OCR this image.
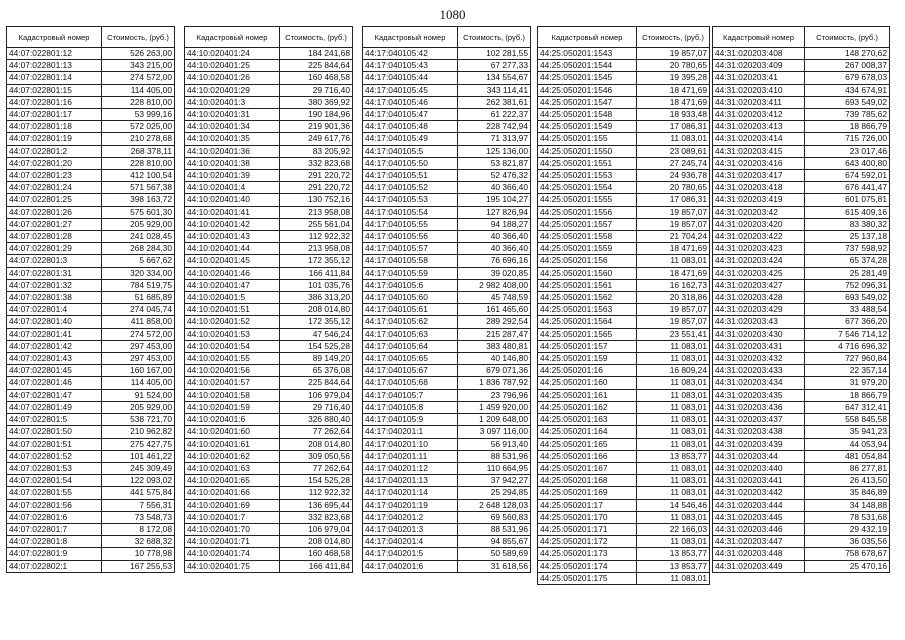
1080
Кадастровый номер	Стоимость, (руб.)
44:07:022801:12	526 263,00
44:07:022801:13	343 215,00
44:07:022801:14	274 572,00
44:07:022801:15	114 405,00
44:07:022801:16	228 810,00
44:07:022801:17	53 999,16
44:07:022801:18	572 025,00
44:07:022801:19	210 278,68
44:07:022801:2	268 378,11
44:07:022801:20	228 810,00
44:07:022801:23	412 100,54
44:07:022801:24	571 567,38
44:07:022801:25	398 163,72
44:07:022801:26	575 601,30
44:07:022801:27	205 929,00
44:07:022801:28	241 028,45
44:07:022801:29	268 284,30
44:07:022801:3	5 667,62
44:07:022801:31	320 334,00
44:07:022801:32	784 519,75
44:07:022801:38	51 685,89
44:07:022801:4	274 045,74
44:07:022801:40	411 858,00
44:07:022801:41	274 572,00
44:07:022801:42	297 453,00
44:07:022801:43	297 453,00
44:07:022801:45	160 167,00
44:07:022801:46	114 405,00
44:07:022801:47	91 524,00
44:07:022801:49	205 929,00
44:07:022801:5	538 721,70
44:07:022801:50	210 962,82
44:07:022801:51	275 427,75
44:07:022801:52	101 461,22
44:07:022801:53	245 309,49
44:07:022801:54	122 093,02
44:07:022801:55	441 575,84
44:07:022801:56	7 556,31
44:07:022801:6	73 548,73
44:07:022801:7	8 172,08
44:07:022801:8	32 688,32
44:07:022801:9	10 778,98
44:07:022802:1	167 255,53
Кадастровый номер	Стоимость, (руб.)
44:10:020401:24	184 241,68
44:10:020401:25	225 844,64
44:10:020401:26	160 468,58
44:10:020401:29	29 716,40
44:10:020401:3	380 369,92
44:10:020401:31	190 184,96
44:10:020401:34	219 901,36
44:10:020401:35	249 617,76
44:10:020401:36	83 205,92
44:10:020401:38	332 823,68
44:10:020401:39	291 220,72
44:10:020401:4	291 220,72
44:10:020401:40	130 752,16
44:10:020401:41	213 958,08
44:10:020401:42	255 561,04
44:10:020401:43	112 922,32
44:10:020401:44	213 958,08
44:10:020401:45	172 355,12
44:10:020401:46	166 411,84
44:10:020401:47	101 035,76
44:10:020401:5	386 313,20
44:10:020401:51	208 014,80
44:10:020401:52	172 355,12
44:10:020401:53	47 546,24
44:10:020401:54	154 525,28
44:10:020401:55	89 149,20
44:10:020401:56	65 376,08
44:10:020401:57	225 844,64
44:10:020401:58	106 979,04
44:10:020401:59	29 716,40
44:10:020401:6	326 880,40
44:10:020401:60	77 262,64
44:10:020401:61	208 014,80
44:10:020401:62	309 050,56
44:10:020401:63	77 262,64
44:10:020401:65	154 525,28
44:10:020401:66	112 922,32
44:10:020401:69	136 695,44
44:10:020401:7	332 823,68
44:10:020401:70	106 979,04
44:10:020401:71	208 014,80
44:10:020401:74	160 468,58
44:10:020401:75	166 411,84
Кадастровый номер	Стоимость, (руб.)
44:17:040105:42	102 281,55
44:17:040105:43	67 277,33
44:17:040105:44	134 554,67
44:17:040105:45	343 114,41
44:17:040105:46	262 381,61
44:17:040105:47	61 222,37
44:17:040105:48	228 742,94
44:17:040105:49	71 313,97
44:17:040105:5	125 136,00
44:17:040105:50	53 821,87
44:17:040105:51	52 476,32
44:17:040105:52	40 366,40
44:17:040105:53	195 104,27
44:17:040105:54	127 826,94
44:17:040105:55	94 188,27
44:17:040105:56	40 366,40
44:17:040105:57	40 366,40
44:17:040105:58	76 696,16
44:17:040105:59	39 020,85
44:17:040105:6	2 982 408,00
44:17:040105:60	45 748,59
44:17:040105:61	161 465,60
44:17:040105:62	289 292,54
44:17:040105:63	215 287,47
44:17:040105:64	383 480,81
44:17:040105:65	40 146,80
44:17:040105:67	679 071,36
44:17:040105:68	1 836 787,92
44:17:040105:7	23 796,96
44:17:040105:8	1 459 920,00
44:17:040105:9	1 209 648,00
44:17:040201:1	3 097 116,00
44:17:040201:10	56 913,40
44:17:040201:11	88 531,96
44:17:040201:12	110 664,95
44:17:040201:13	37 942,27
44:17:040201:14	25 294,85
44:17:040201:19	2 648 128,03
44:17:040201:2	69 560,83
44:17:040201:3	88 531,96
44:17:040201:4	94 855,67
44:17:040201:5	50 589,69
44:17:040201:6	31 618,56
Кадастровый номер	Стоимость, (руб.)
44:25:050201:1543	19 857,07
44:25:050201:1544	20 780,65
44:25:050201:1545	19 395,28
44:25:050201:1546	18 471,69
44:25:050201:1547	18 471,69
44:25:050201:1548	18 933,48
44:25:050201:1549	17 086,31
44:25:050201:155	11 083,01
44:25:050201:1550	23 089,61
44:25:050201:1551	27 245,74
44:25:050201:1553	24 936,78
44:25:050201:1554	20 780,65
44:25:050201:1555	17 086,31
44:25:050201:1556	19 857,07
44:25:050201:1557	19 857,07
44:25:050201:1558	21 704,24
44:25:050201:1559	18 471,69
44:25:050201:156	11 083,01
44:25:050201:1560	18 471,69
44:25:050201:1561	16 162,73
44:25:050201:1562	20 318,86
44:25:050201:1563	19 857,07
44:25:050201:1564	19 857,07
44:25:050201:1565	23 551,41
44:25:050201:157	11 083,01
44:25:050201:159	11 083,01
44:25:050201:16	16 809,24
44:25:050201:160	11 083,01
44:25:050201:161	11 083,01
44:25:050201:162	11 083,01
44:25:050201:163	11 083,01
44:25:050201:164	11 083,01
44:25:050201:165	11 083,01
44:25:050201:166	13 853,77
44:25:050201:167	11 083,01
44:25:050201:168	11 083,01
44:25:050201:169	11 083,01
44:25:050201:17	14 546,46
44:25:050201:170	11 083,01
44:25:050201:171	22 166,03
44:25:050201:172	11 083,01
44:25:050201:173	13 853,77
44:25:050201:174	13 853,77
44:25:050201:175	11 083,01
Кадастровый номер	Стоимость, (руб.)
44:31:020203:408	148 270,62
44:31:020203:409	267 008,37
44:31:020203:41	679 678,03
44:31:020203:410	434 674,91
44:31:020203:411	693 549,02
44:31:020203:412	739 785,62
44:31:020203:413	18 866,79
44:31:020203:414	715 726,00
44:31:020203:415	23 017,46
44:31:020203:416	643 400,80
44:31:020203:417	674 592,01
44:31:020203:418	676 441,47
44:31:020203:419	601 075,81
44:31:020203:42	615 409,16
44:31:020203:420	83 380,32
44:31:020203:422	25 137,18
44:31:020203:423	737 598,92
44:31:020203:424	65 374,28
44:31:020203:425	25 281,49
44:31:020203:427	752 096,31
44:31:020203:428	693 549,02
44:31:020203:429	33 488,54
44:31:020203:43	677 366,20
44:31:020203:430	7 546 714,12
44:31:020203:431	4 716 696,32
44:31:020203:432	727 960,84
44:31:020203:433	22 357,14
44:31:020203:434	31 979,20
44:31:020203:435	18 866,79
44:31:020203:436	647 312,41
44:31:020203:437	558 845,58
44:31:020203:438	35 941,23
44:31:020203:439	44 053,94
44:31:020203:44	481 054,84
44:31:020203:440	86 277,81
44:31:020203:441	26 413,50
44:31:020203:442	35 846,89
44:31:020203:444	34 148,88
44:31:020203:445	78 531,68
44:31:020203:446	29 432,19
44:31:020203:447	36 035,56
44:31:020203:448	758 678,67
44:31:020203:449	25 470,16
